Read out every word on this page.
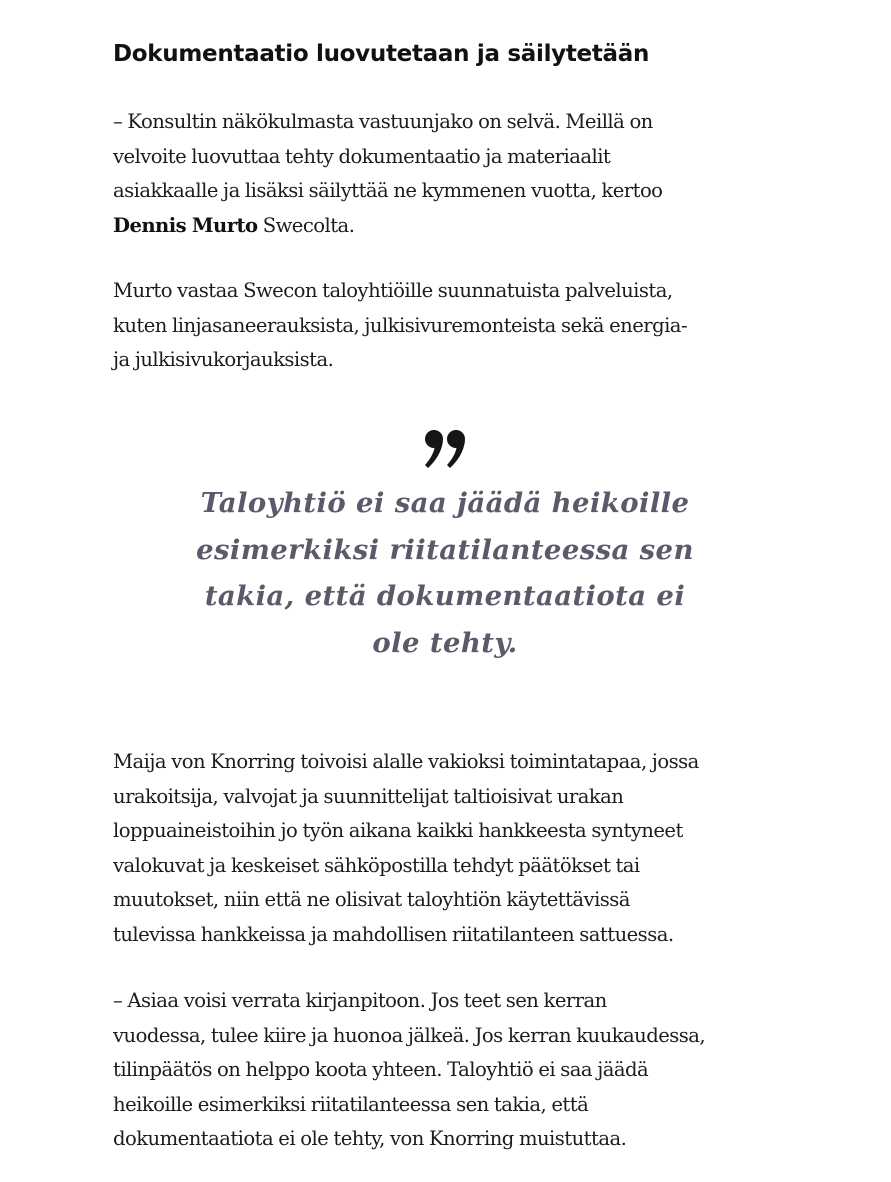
Dokumentaatio luovutetaan ja säilytetään

– Konsultin näkökulmasta vastuunjako on selvä. Meillä on
velvoite luovuttaa tehty dokumentaatio ja materiaalit
asiakkaalle ja lisäksi säilyttää ne kymmenen vuotta, kertoo
Dennis Murto Swecolta.

Murto vastaa Swecon taloyhtiöille suunnatuista palveluista,
kuten linjasaneerauksista, julkisivuremonteista sekä energia-
ja julkisivukorjauksista.

Maija von Knorring toivoisi alalle vakioksi toimintatapaa, jossa
urakoitsija, valvojat ja suunnittelijat taltioisivat urakan
loppuaineistoihin jo työn aikana kaikki hankkeesta syntyneet
valokuvat ja keskeiset sähköpostilla tehdyt päätökset tai
muutokset, niin että ne olisivat taloyhtiön käytettävissä
tulevissa hankkeissa ja mahdollisen riitatilanteen sattuessa.

– Asiaa voisi verrata kirjanpitoon. Jos teet sen kerran
vuodessa, tulee kiire ja huonoa jälkeä. Jos kerran kuukaudessa,
tilinpäätös on helppo koota yhteen. Taloyhtiö ei saa jäädä
heikoille esimerkiksi riitatilanteessa sen takia, että
dokumentaatiota ei ole tehty, von Knorring muistuttaa.

Taloyhtiö ei saa jäädä heikoille
esimerkiksi riitatilanteessa sen
takia, että dokumentaatiota ei
ole tehty.
